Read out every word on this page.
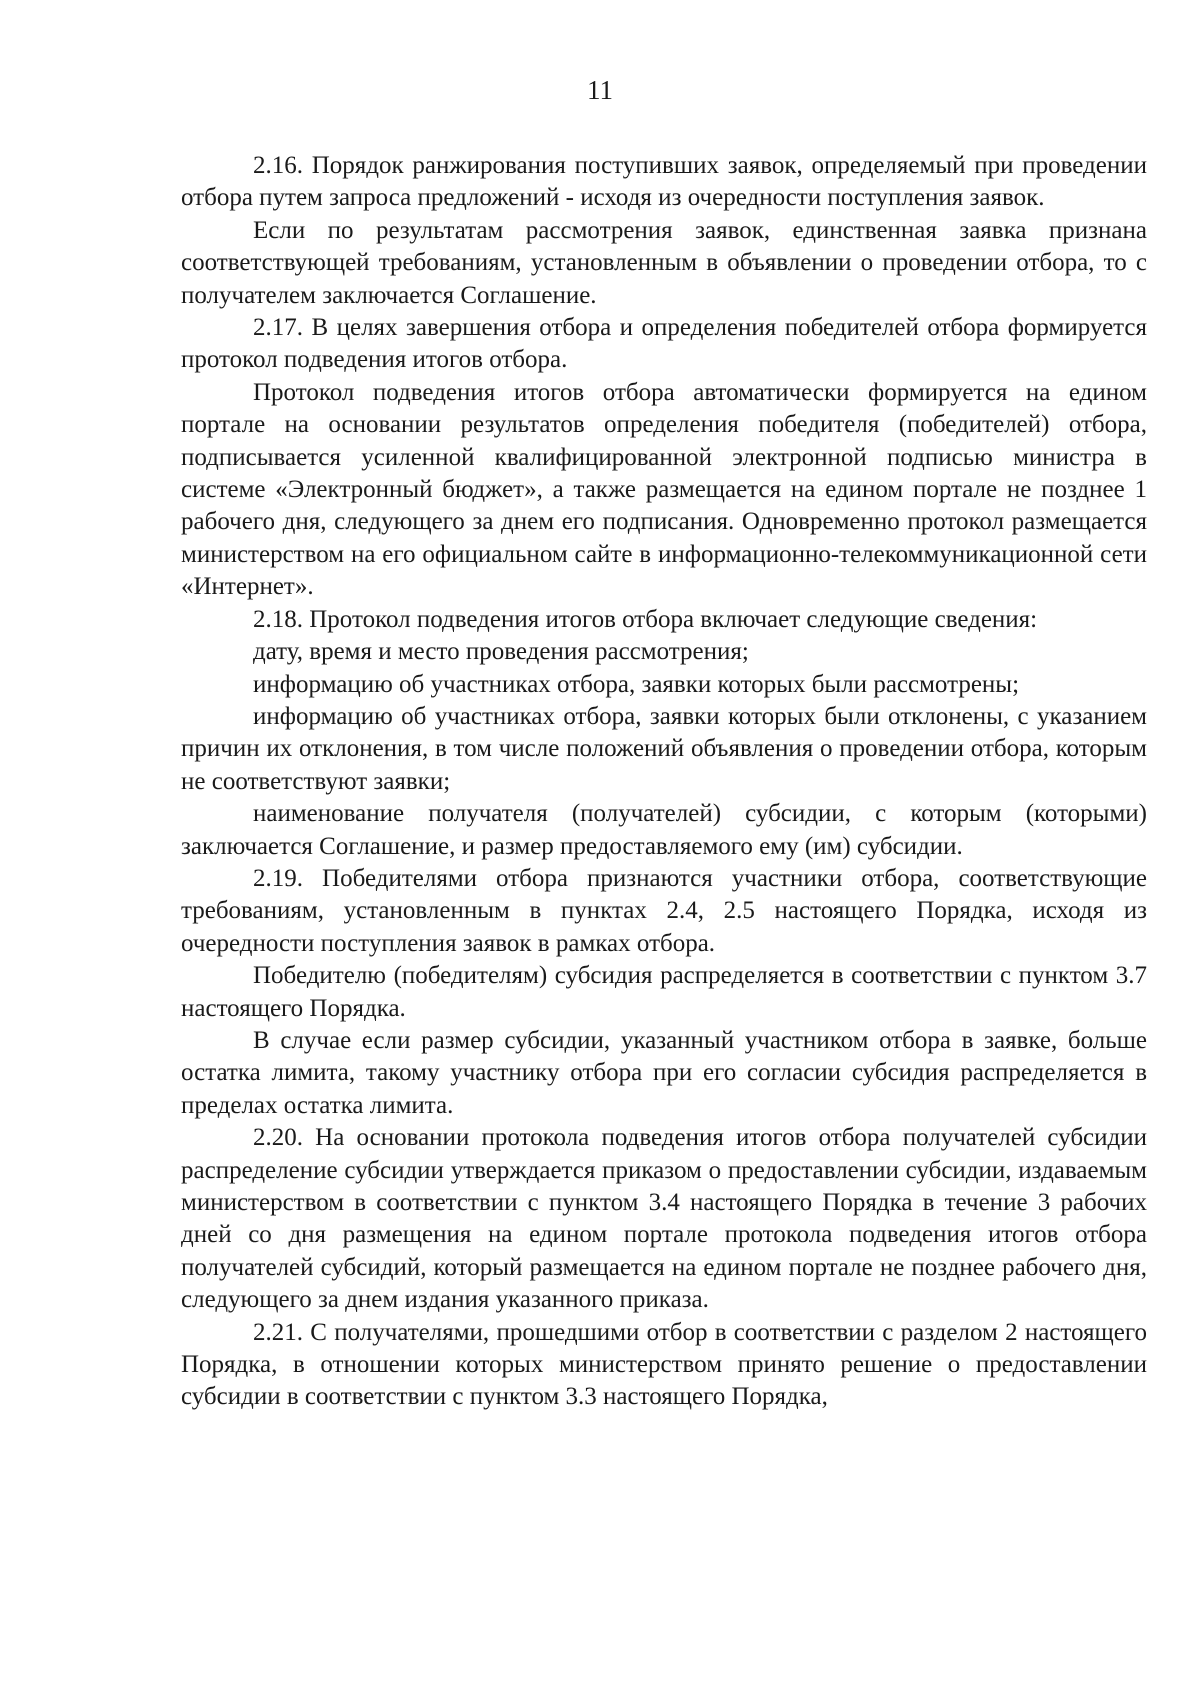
11

2.16. Порядок ранжирования поступивших заявок, определяемый при проведении отбора путем запроса предложений - исходя из очередности поступления заявок.

Если по результатам рассмотрения заявок, единственная заявка признана соответствующей требованиям, установленным в объявлении о проведении отбора, то с получателем заключается Соглашение.

2.17. В целях завершения отбора и определения победителей отбора формируется протокол подведения итогов отбора.

Протокол подведения итогов отбора автоматически формируется на едином портале на основании результатов определения победителя (победителей) отбора, подписывается усиленной квалифицированной электронной подписью министра в системе «Электронный бюджет», а также размещается на едином портале не позднее 1 рабочего дня, следующего за днем его подписания. Одновременно протокол размещается министерством на его официальном сайте в информационно-телекоммуникационной сети «Интернет».

2.18. Протокол подведения итогов отбора включает следующие сведения:

дату, время и место проведения рассмотрения;

информацию об участниках отбора, заявки которых были рассмотрены;

информацию об участниках отбора, заявки которых были отклонены, с указанием причин их отклонения, в том числе положений объявления о проведении отбора, которым не соответствуют заявки;

наименование получателя (получателей) субсидии, с которым (которыми) заключается Соглашение, и размер предоставляемого ему (им) субсидии.

2.19. Победителями отбора признаются участники отбора, соответствующие требованиям, установленным в пунктах 2.4, 2.5 настоящего Порядка, исходя из очередности поступления заявок в рамках отбора.

Победителю (победителям) субсидия распределяется в соответствии с пунктом 3.7 настоящего Порядка.

В случае если размер субсидии, указанный участником отбора в заявке, больше остатка лимита, такому участнику отбора при его согласии субсидия распределяется в пределах остатка лимита.

2.20. На основании протокола подведения итогов отбора получателей субсидии распределение субсидии утверждается приказом о предоставлении субсидии, издаваемым министерством в соответствии с пунктом 3.4 настоящего Порядка в течение 3 рабочих дней со дня размещения на едином портале протокола подведения итогов отбора получателей субсидий, который размещается на едином портале не позднее рабочего дня, следующего за днем издания указанного приказа.

2.21. С получателями, прошедшими отбор в соответствии с разделом 2 настоящего Порядка, в отношении которых министерством принято решение о предоставлении субсидии в соответствии с пунктом 3.3 настоящего Порядка,
